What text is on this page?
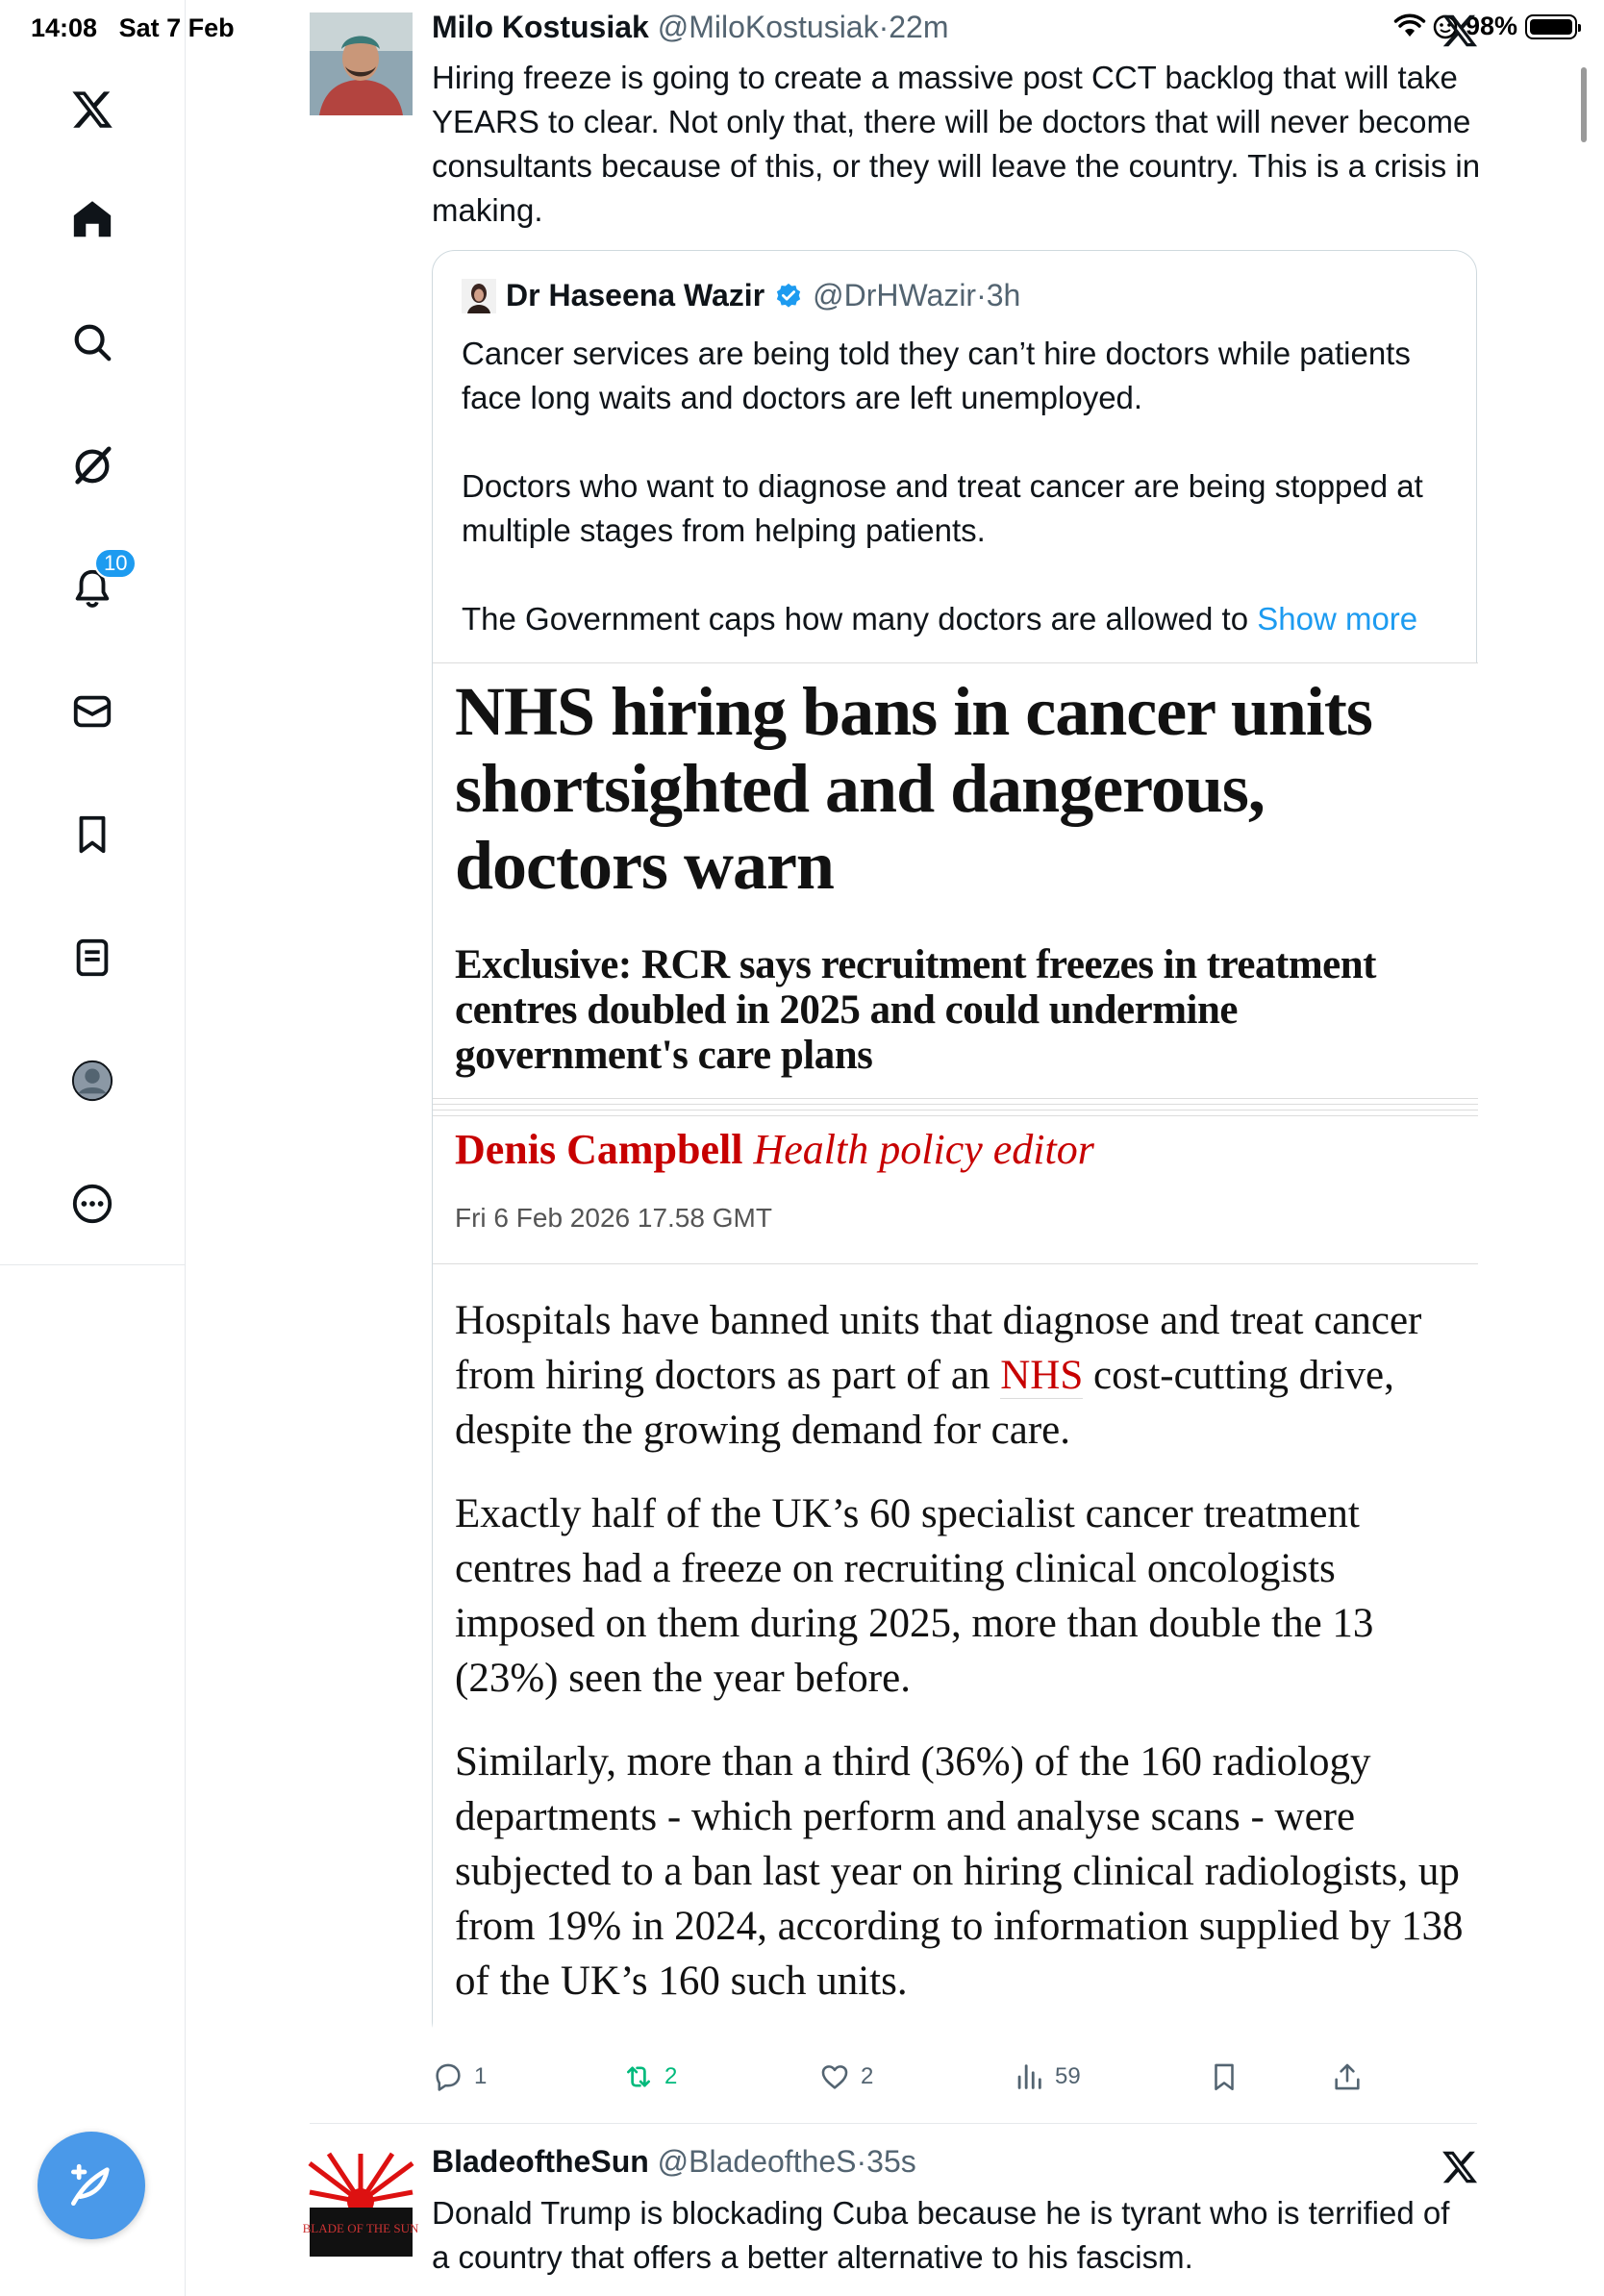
14:08 Sat 7 Feb	98%
10
Milo Kostusiak @MiloKostusiak·22m
Hiring freeze is going to create a massive post CCT backlog that will take YEARS to clear. Not only that, there will be doctors that will never become consultants because of this, or they will leave the country. This is a crisis in making.
Dr Haseena Wazir @DrHWazir · 3h

Cancer services are being told they can’t hire doctors while patients face long waits and doctors are left unemployed.

Doctors who want to diagnose and treat cancer are being stopped at multiple stages from helping patients.

The Government caps how many doctors are allowed to Show more

NHS hiring bans in cancer units shortsighted and dangerous, doctors warn
Exclusive: RCR says recruitment freezes in treatment centres doubled in 2025 and could undermine government's care plans
Denis Campbell Health policy editor
Fri 6 Feb 2026 17.58 GMT

Hospitals have banned units that diagnose and treat cancer from hiring doctors as part of an NHS cost-cutting drive, despite the growing demand for care.

Exactly half of the UK’s 60 specialist cancer treatment centres had a freeze on recruiting clinical oncologists imposed on them during 2025, more than double the 13 (23%) seen the year before.

Similarly, more than a third (36%) of the 160 radiology departments - which perform and analyse scans - were subjected to a ban last year on hiring clinical radiologists, up from 19% in 2024, according to information supplied by 138 of the UK’s 160 such units.

1	2	2	59
BLADE OF THE SUN
BladeoftheSun @BladeoftheS·35s
Donald Trump is blockading Cuba because he is tyrant who is terrified of a country that offers a better alternative to his fascism.
